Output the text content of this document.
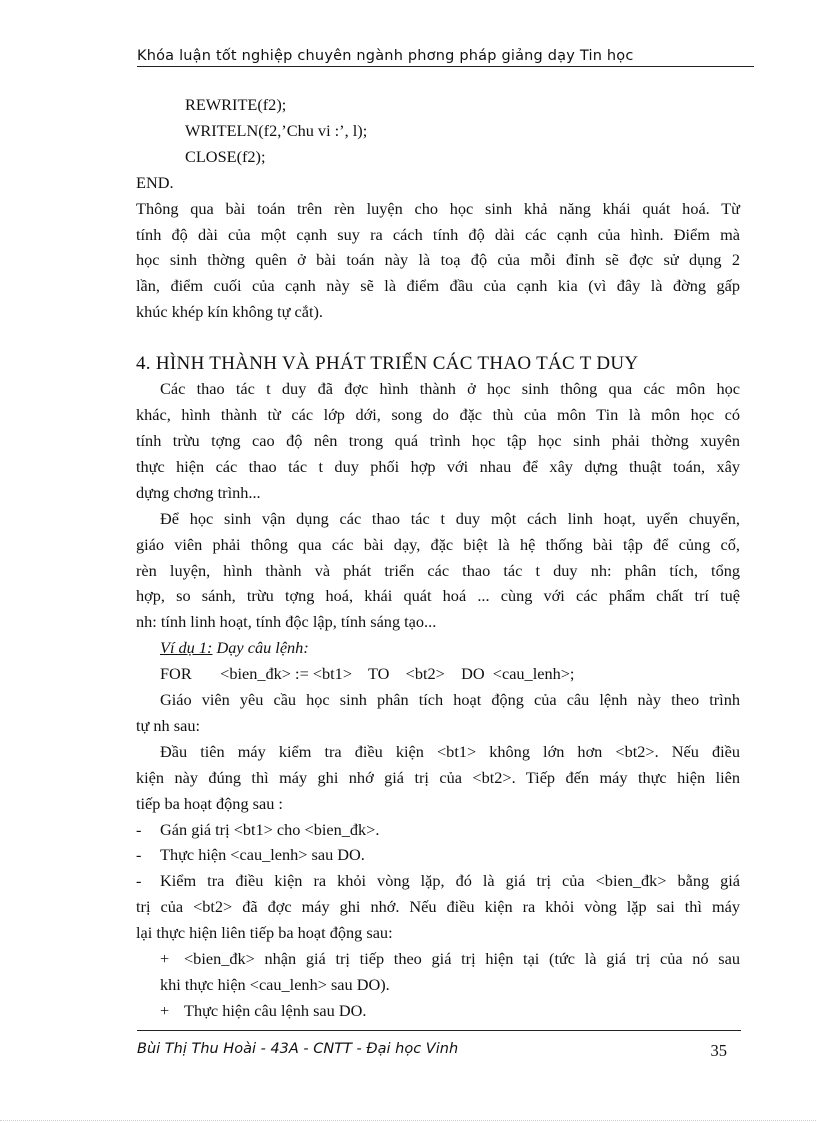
Khóa luận tốt nghiệp chuyên ngành phơng pháp giảng dạy Tin học
REWRITE(f2);
WRITELN(f2,’Chu vi :’, l);
CLOSE(f2);
END.
Thông qua bài toán trên rèn luyện cho học sinh khả năng khái quát hoá. Từ
tính độ dài của một cạnh suy ra cách tính độ dài các cạnh của hình. Điểm mà
học sinh thờng quên ở bài toán này là toạ độ của mỗi đỉnh sẽ đợc sử dụng 2
lần, điểm cuối của cạnh này sẽ là điểm đầu của cạnh kia (vì đây là đờng gấp
khúc khép kín không tự cắt).
4. HÌNH THÀNH VÀ PHÁT TRIỂN CÁC THAO TÁC T DUY
Các thao tác t duy đã đợc hình thành ở học sinh thông qua các môn học
khác, hình thành từ các lớp dới, song do đặc thù của môn Tin là môn học có
tính trừu tợng cao độ nên trong quá trình học tập học sinh phải thờng xuyên
thực hiện các thao tác t duy phối hợp với nhau để xây dựng thuật toán, xây
dựng chơng trình...
Để học sinh vận dụng các thao tác t duy một cách linh hoạt, uyển chuyển,
giáo viên phải thông qua các bài dạy, đặc biệt là hệ thống bài tập để củng cố,
rèn luyện, hình thành và phát triển các thao tác t duy nh: phân tích, tổng
hợp, so sánh, trừu tợng hoá, khái quát hoá ... cùng với các phẩm chất trí tuệ
nh: tính linh hoạt, tính độc lập, tính sáng tạo...
Ví dụ 1: Dạy câu lệnh:
FOR       <bien_đk> := <bt1>    TO    <bt2>    DO  <cau_lenh>;
Giáo viên yêu cầu học sinh phân tích hoạt động của câu lệnh này theo trình
tự nh sau:
Đầu tiên máy kiểm tra điều kiện <bt1> không lớn hơn <bt2>. Nếu điều
kiện này đúng thì máy ghi nhớ giá trị của <bt2>. Tiếp đến máy thực hiện liên
tiếp ba hoạt động sau :
-	Gán giá trị <bt1> cho <bien_đk>.
-	Thực hiện <cau_lenh> sau DO.
-	Kiểm tra điều kiện ra khỏi vòng lặp, đó là giá trị của <bien_đk> bằng giá
trị của <bt2> đã đợc máy ghi nhớ. Nếu điều kiện ra khỏi vòng lặp sai thì máy
lại thực hiện liên tiếp ba hoạt động sau:
+ <bien_đk> nhận giá trị tiếp theo giá trị hiện tại (tức là giá trị của nó sau
khi thực hiện <cau_lenh> sau DO).
+ Thực hiện câu lệnh sau DO.
Bùi Thị Thu Hoài - 43A - CNTT - Đại học Vinh	35
